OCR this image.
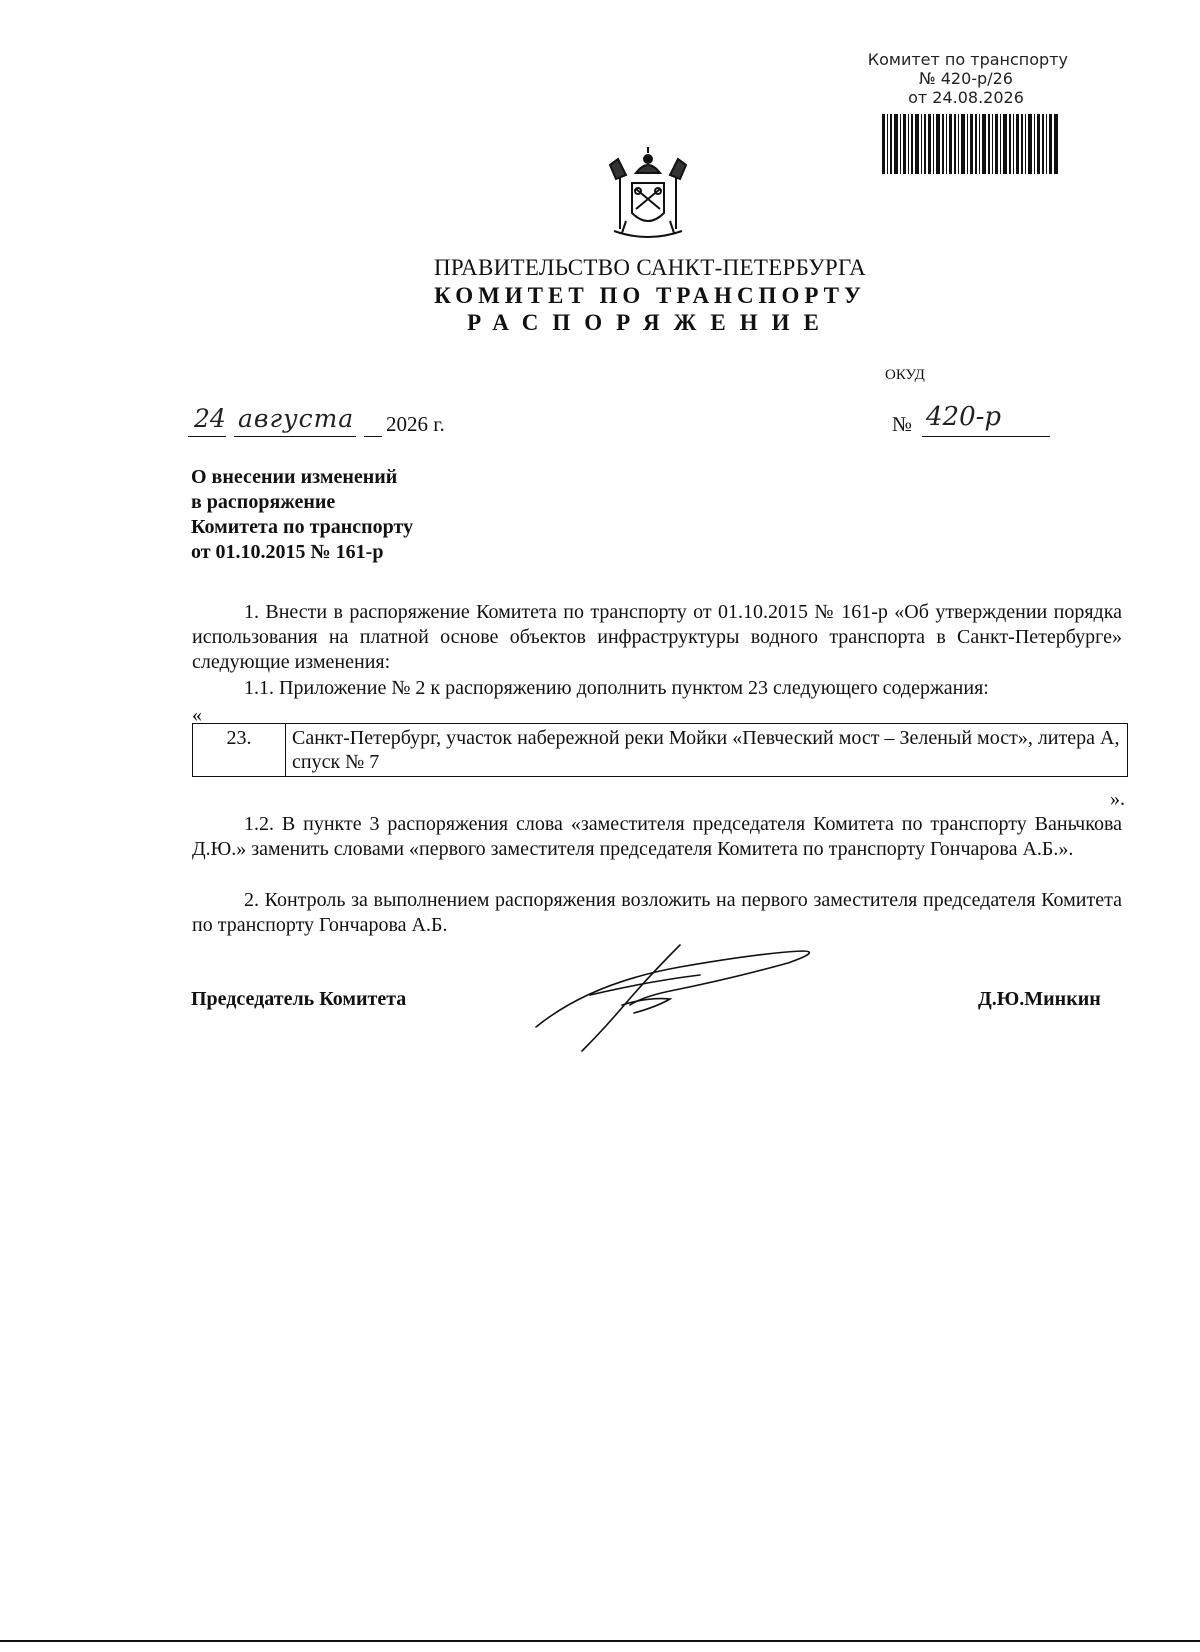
Комитет по транспорту
№ 420-р/26
от 24.08.2026
ПРАВИТЕЛЬСТВО САНКТ-ПЕТЕРБУРГА
КОМИТЕТ ПО ТРАНСПОРТУ
РАСПОРЯЖЕНИЕ
ОКУД
24 августа 2026 г.	№ 420-р
О внесении изменений
в распоряжение
Комитета по транспорту
от 01.10.2015 № 161-р
1. Внести в распоряжение Комитета по транспорту от 01.10.2015 № 161-р «Об утверждении порядка использования на платной основе объектов инфраструктуры водного транспорта в Санкт-Петербурге» следующие изменения:
1.1. Приложение № 2 к распоряжению дополнить пунктом 23 следующего содержания:
«
23.	Санкт-Петербург, участок набережной реки Мойки «Певческий мост – Зеленый мост», литера А, спуск № 7
».
1.2. В пункте 3 распоряжения слова «заместителя председателя Комитета по транспорту Ваньчкова Д.Ю.» заменить словами «первого заместителя председателя Комитета по транспорту Гончарова А.Б.».
2. Контроль за выполнением распоряжения возложить на первого заместителя председателя Комитета по транспорту Гончарова А.Б.
Председатель Комитета	Д.Ю.Минкин
